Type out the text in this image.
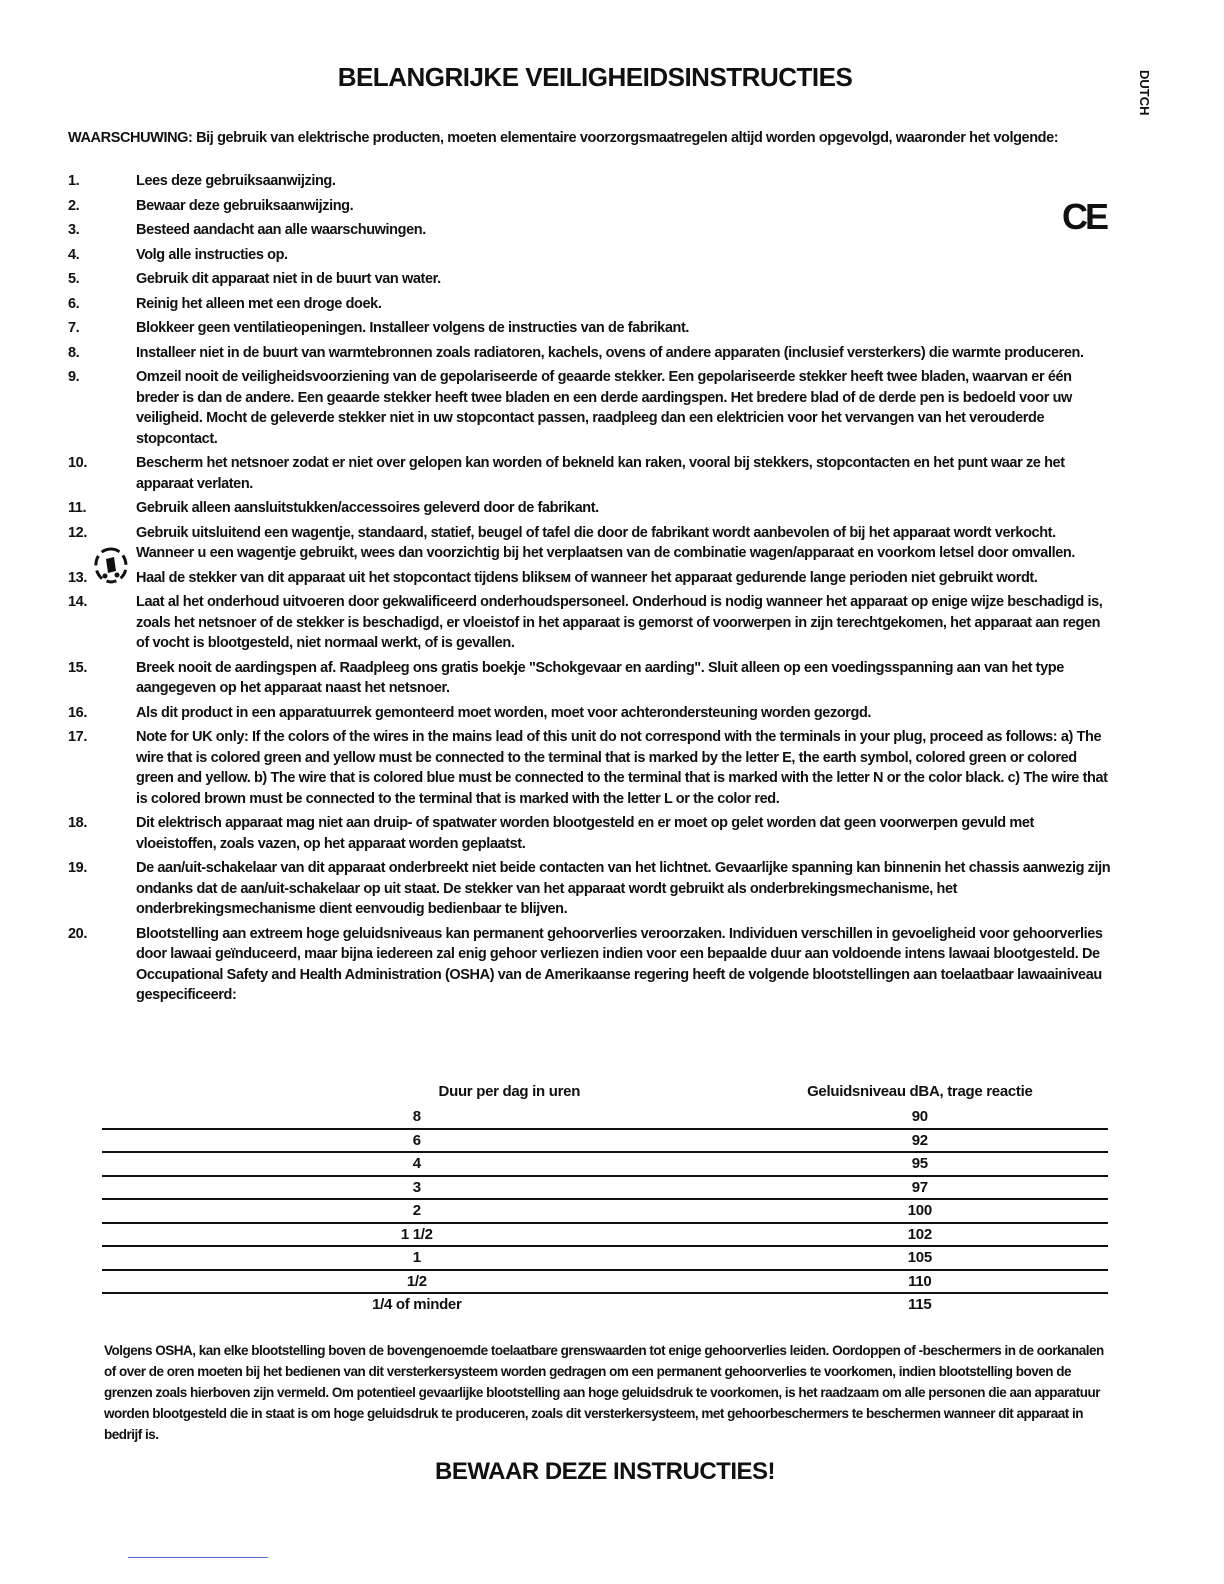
BELANGRIJKE VEILIGHEIDSINSTRUCTIES	DUTCH
CE

WAARSCHUWING: Bij gebruik van elektrische producten, moeten elementaire voorzorgsmaatregelen altijd worden opgevolgd, waaronder het volgende:

1.	Lees deze gebruiksaanwijzing.
2.	Bewaar deze gebruiksaanwijzing.
3.	Besteed aandacht aan alle waarschuwingen.
4.	Volg alle instructies op.
5.	Gebruik dit apparaat niet in de buurt van water.
6.	Reinig het alleen met een droge doek.
7.	Blokkeer geen ventilatieopeningen. Installeer volgens de instructies van de fabrikant.
8.	Installeer niet in de buurt van warmtebronnen zoals radiatoren, kachels, ovens of andere apparaten (inclusief versterkers) die warmte produceren.
9.	Omzeil nooit de veiligheidsvoorziening van de gepolariseerde of geaarde stekker. Een gepolariseerde stekker heeft twee bladen, waarvan er één breder is dan de andere. Een geaarde stekker heeft twee bladen en een derde aardingspen. Het bredere blad of de derde pen is bedoeld voor uw veiligheid. Mocht de geleverde stekker niet in uw stopcontact passen, raadpleeg dan een elektricien voor het vervangen van het verouderde stopcontact.
10.	Bescherm het netsnoer zodat er niet over gelopen kan worden of bekneld kan raken, vooral bij stekkers, stopcontacten en het punt waar ze het apparaat verlaten.
11.	Gebruik alleen aansluitstukken/accessoires geleverd door de fabrikant.
12.	Gebruik uitsluitend een wagentje, standaard, statief, beugel of tafel die door de fabrikant wordt aanbevolen of bij het apparaat wordt verkocht. Wanneer u een wagentje gebruikt, wees dan voorzichtig bij het verplaatsen van de combinatie wagen/apparaat en voorkom letsel door omvallen.
13.	Haal de stekker van dit apparaat uit het stopcontact tijdens blikseм of wanneer het apparaat gedurende lange perioden niet gebruikt wordt.
14.	Laat al het onderhoud uitvoeren door gekwalificeerd onderhoudspersoneel. Onderhoud is nodig wanneer het apparaat op enige wijze beschadigd is, zoals het netsnoer of de stekker is beschadigd, er vloeistof in het apparaat is gemorst of voorwerpen in zijn terechtgekomen, het apparaat aan regen of vocht is blootgesteld, niet normaal werkt, of is gevallen.
15.	Breek nooit de aardingspen af. Raadpleeg ons gratis boekje "Schokgevaar en aarding". Sluit alleen op een voedingsspanning aan van het type aangegeven op het apparaat naast het netsnoer.
16.	Als dit product in een apparatuurrek gemonteerd moet worden, moet voor achterondersteuning worden gezorgd.
17.	Note for UK only: If the colors of the wires in the mains lead of this unit do not correspond with the terminals in your plug, proceed as follows: a) The wire that is colored green and yellow must be connected to the terminal that is marked by the letter E, the earth symbol, colored green or colored green and yellow. b) The wire that is colored blue must be connected to the terminal that is marked with the letter N or the color black. c) The wire that is colored brown must be connected to the terminal that is marked with the letter L or the color red.
18.	Dit elektrisch apparaat mag niet aan druip- of spatwater worden blootgesteld en er moet op gelet worden dat geen voorwerpen gevuld met vloeistoffen, zoals vazen, op het apparaat worden geplaatst.
19.	De aan/uit-schakelaar van dit apparaat onderbreekt niet beide contacten van het lichtnet. Gevaarlijke spanning kan binnenin het chassis aanwezig zijn ondanks dat de aan/uit-schakelaar op uit staat. De stekker van het apparaat wordt gebruikt als onderbrekingsmechanisme, het onderbrekingsmechanisme dient eenvoudig bedienbaar te blijven.
20.	Blootstelling aan extreem hoge geluidsniveaus kan permanent gehoorverlies veroorzaken. Individuen verschillen in gevoeligheid voor gehoorverlies door lawaai geïnduceerd, maar bijna iedereen zal enig gehoor verliezen indien voor een bepaalde duur aan voldoende intens lawaai blootgesteld. De Occupational Safety and Health Administration (OSHA) van de Amerikaanse regering heeft de volgende blootstellingen aan toelaatbaar lawaainiveau gespecificeerd:
Duur per dag in uren	Geluidsniveau dBA, trage reactie
8	90
6	92
4	95
3	97
2	100
1 1/2	102
1	105
1/2	110
1/4 of minder	115

Volgens OSHA, kan elke blootstelling boven de bovengenoemde toelaatbare grenswaarden tot enige gehoorverlies leiden. Oordoppen of -beschermers in de oorkanalen of over de oren moeten bij het bedienen van dit versterkersysteem worden gedragen om een permanent gehoorverlies te voorkomen, indien blootstelling boven de grenzen zoals hierboven zijn vermeld. Om potentieel gevaarlijke blootstelling aan hoge geluidsdruk te voorkomen, is het raadzaam om alle personen die aan apparatuur worden blootgesteld die in staat is om hoge geluidsdruk te produceren, zoals dit versterkersysteem, met gehoorbeschermers te beschermen wanneer dit apparaat in bedrijf is.

BEWAAR DEZE INSTRUCTIES!
